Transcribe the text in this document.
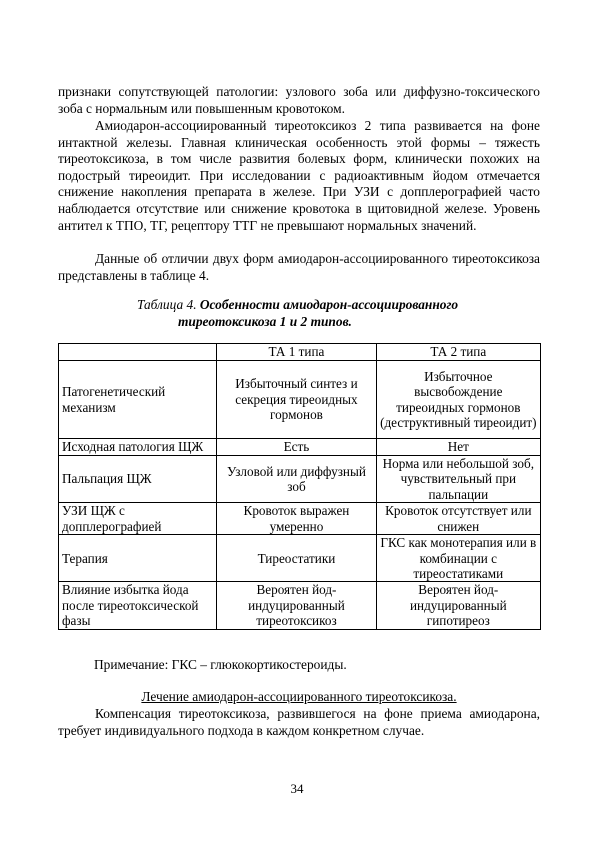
признаки сопутствующей патологии: узлового зоба или диффузно-токсического зоба с нормальным или повышенным кровотоком.

Амиодарон-ассоциированный тиреотоксикоз 2 типа развивается на фоне интактной железы. Главная клиническая особенность этой формы – тяжесть тиреотоксикоза, в том числе развития болевых форм, клинически похожих на подострый тиреоидит. При исследовании с радиоактивным йодом отмечается снижение накопления препарата в железе. При УЗИ с допплерографией часто наблюдается отсутствие или снижение кровотока в щитовидной железе. Уровень антител к ТПО, ТГ, рецептору ТТГ не превышают нормальных значений.

Данные об отличии двух форм амиодарон-ассоциированного тиреотоксикоза представлены в таблице 4.

Таблица 4. Особенности амиодарон-ассоциированного
тиреотоксикоза 1 и 2 типов.
	ТА 1 типа	ТА 2 типа
Патогенетический механизм	Избыточный синтез и секреция тиреоидных гормонов	Избыточное высвобождение тиреоидных гормонов (деструктивный тиреоидит)
Исходная патология ЩЖ	Есть	Нет
Пальпация ЩЖ	Узловой или диффузный зоб	Норма или небольшой зоб, чувствительный при пальпации
УЗИ ЩЖ с допплерографией	Кровоток выражен умеренно	Кровоток отсутствует или снижен
Терапия	Тиреостатики	ГКС как монотерапия или в комбинации с тиреостатиками
Влияние избытка йода после тиреотоксической фазы	Вероятен йод-индуцированный тиреотоксикоз	Вероятен йод-индуцированный гипотиреоз
Примечание: ГКС – глюкокортикостероиды.
Лечение амиодарон-ассоциированного тиреотоксикоза.

Компенсация тиреотоксикоза, развившегося на фоне приема амиодарона, требует индивидуального подхода в каждом конкретном случае.

34
